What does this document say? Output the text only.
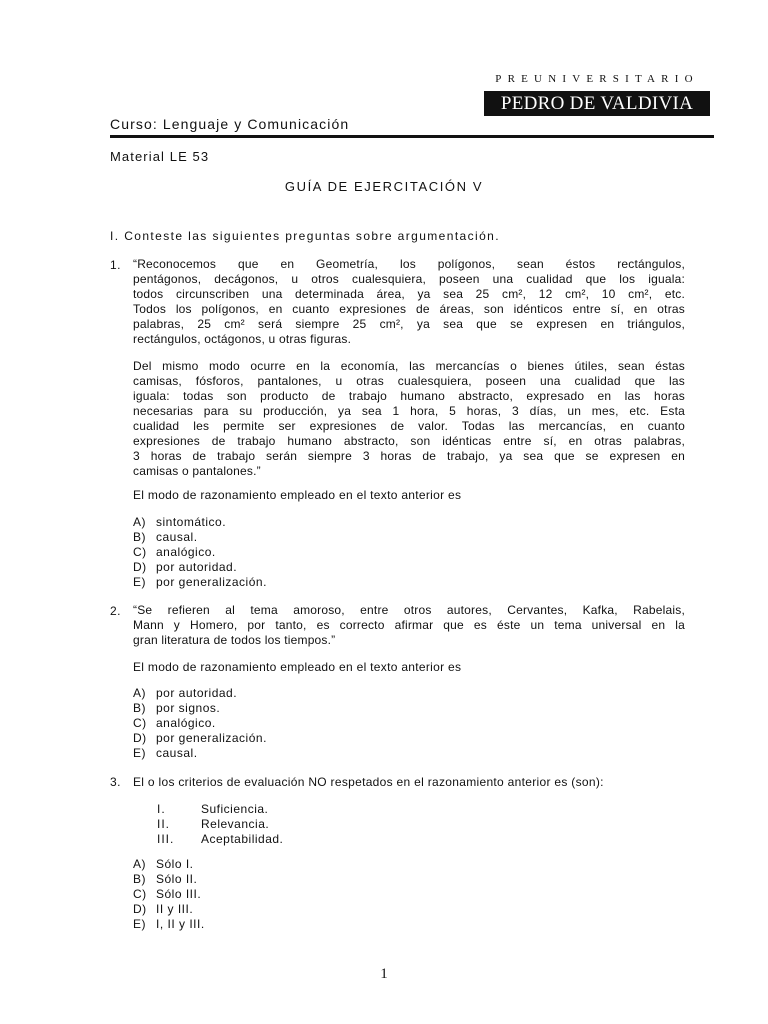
PREUNIVERSITARIO
PEDRO DE VALDIVIA
Curso: Lenguaje y Comunicación
Material LE 53
GUÍA DE EJERCITACIÓN V
I. Conteste las siguientes preguntas sobre argumentación.
1. “Reconocemos que en Geometría, los polígonos, sean éstos rectángulos,
pentágonos, decágonos, u otros cualesquiera, poseen una cualidad que los iguala:
todos circunscriben una determinada área, ya sea 25 cm², 12 cm², 10 cm², etc.
Todos los polígonos, en cuanto expresiones de áreas, son idénticos entre sí, en otras
palabras, 25 cm² será siempre 25 cm², ya sea que se expresen en triángulos,
rectángulos, octágonos, u otras figuras.
Del mismo modo ocurre en la economía, las mercancías o bienes útiles, sean éstas
camisas, fósforos, pantalones, u otras cualesquiera, poseen una cualidad que las
iguala: todas son producto de trabajo humano abstracto, expresado en las horas
necesarias para su producción, ya sea 1 hora, 5 horas, 3 días, un mes, etc. Esta
cualidad les permite ser expresiones de valor. Todas las mercancías, en cuanto
expresiones de trabajo humano abstracto, son idénticas entre sí, en otras palabras,
3 horas de trabajo serán siempre 3 horas de trabajo, ya sea que se expresen en
camisas o pantalones.”
El modo de razonamiento empleado en el texto anterior es
A) sintomático.
B) causal.
C) analógico.
D) por autoridad.
E) por generalización.
2. “Se refieren al tema amoroso, entre otros autores, Cervantes, Kafka, Rabelais,
Mann y Homero, por tanto, es correcto afirmar que es éste un tema universal en la
gran literatura de todos los tiempos.”
El modo de razonamiento empleado en el texto anterior es
A) por autoridad.
B) por signos.
C) analógico.
D) por generalización.
E) causal.
3. El o los criterios de evaluación NO respetados en el razonamiento anterior es (son):
I.	Suficiencia.
II.	Relevancia.
III.	Aceptabilidad.
A) Sólo I.
B) Sólo II.
C) Sólo III.
D) II y III.
E) I, II y III.
1
